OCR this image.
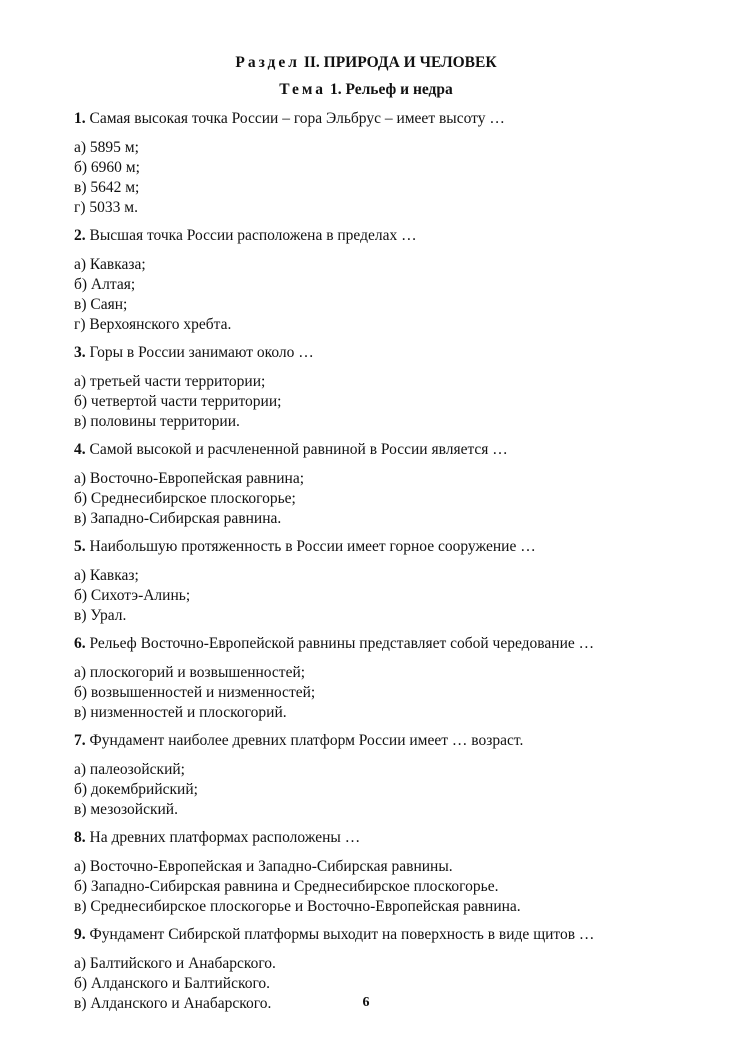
Раздел II. ПРИРОДА И ЧЕЛОВЕК
Тема 1. Рельеф и недра
1. Самая высокая точка России – гора Эльбрус – имеет высоту …
а) 5895 м;
б) 6960 м;
в) 5642 м;
г) 5033 м.
2. Высшая точка России расположена в пределах …
а) Кавказа;
б) Алтая;
в) Саян;
г) Верхоянского хребта.
3. Горы в России занимают около …
а) третьей части территории;
б) четвертой части территории;
в) половины территории.
4. Самой высокой и расчлененной равниной в России является …
а) Восточно-Европейская равнина;
б) Среднесибирское плоскогорье;
в) Западно-Сибирская равнина.
5. Наибольшую протяженность в России имеет горное сооружение …
а) Кавказ;
б) Сихотэ-Алинь;
в) Урал.
6. Рельеф Восточно-Европейской равнины представляет собой чередование …
а) плоскогорий и возвышенностей;
б) возвышенностей и низменностей;
в) низменностей и плоскогорий.
7. Фундамент наиболее древних платформ России имеет … возраст.
а) палеозойский;
б) докембрийский;
в) мезозойский.
8. На древних платформах расположены …
а) Восточно-Европейская и Западно-Сибирская равнины.
б) Западно-Сибирская равнина и Среднесибирское плоскогорье.
в) Среднесибирское плоскогорье и Восточно-Европейская равнина.
9. Фундамент Сибирской платформы выходит на поверхность в виде щитов …
а) Балтийского и Анабарского.
б) Алданского и Балтийского.
в) Алданского и Анабарского.	6
